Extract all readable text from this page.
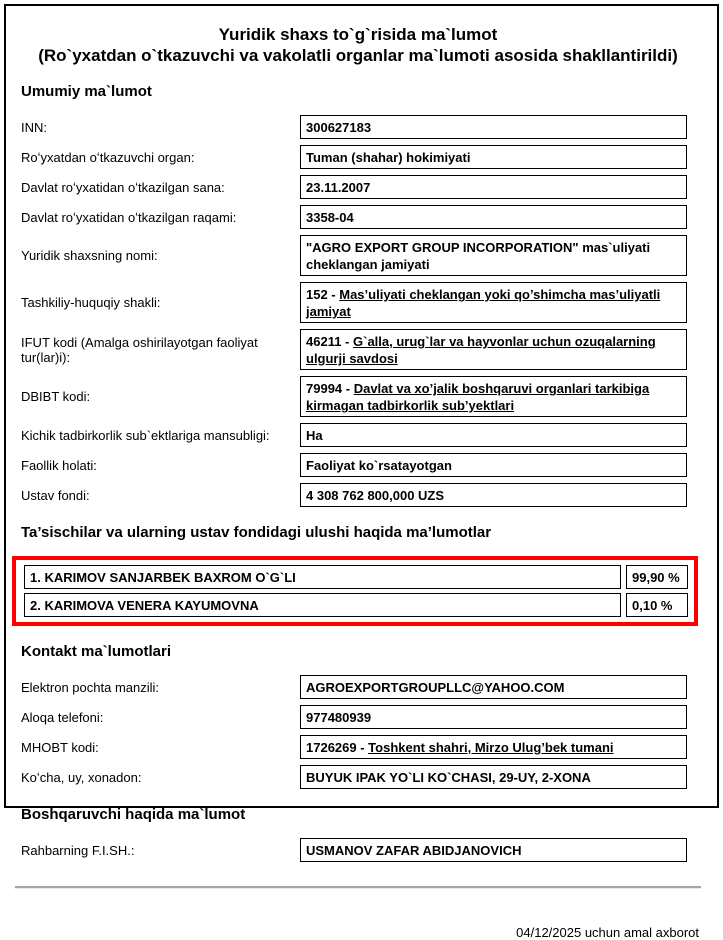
Yuridik shaxs to`g`risida ma`lumot
(Ro`yxatdan o`tkazuvchi va vakolatli organlar ma`lumoti asosida shakllantirildi)
Umumiy ma`lumot
INN:	300627183
Roʻyxatdan oʻtkazuvchi organ:	Tuman (shahar) hokimiyati
Davlat roʻyxatidan oʻtkazilgan sana:	23.11.2007
Davlat roʻyxatidan oʻtkazilgan raqami:	3358-04
Yuridik shaxsning nomi:
"AGRO EXPORT GROUP INCORPORATION" mas`uliyati cheklangan jamiyati
Tashkiliy-huquqiy shakli:
152 - Mas’uliyati cheklangan yoki qo’shimcha mas’uliyatli jamiyat
IFUT kodi (Amalga oshirilayotgan faoliyat tur(lar)i):
46211 - G`alla, urug`lar va hayvonlar uchun ozuqalarning ulgurji savdosi
DBIBT kodi:
79994 - Davlat va xo’jalik boshqaruvi organlari tarkibiga kirmagan tadbirkorlik sub’yektlari
Kichik tadbirkorlik sub`ektlariga mansubligi:	Ha
Faollik holati:	Faoliyat ko`rsatayotgan
Ustav fondi:	4 308 762 800,000 UZS
Ta’sischilar va ularning ustav fondidagi ulushi haqida ma’lumotlar
1. KARIMOV SANJARBEK BAXROM O`G`LI	99,90 %
2. KARIMOVA VENERA KAYUMOVNA	0,10 %
Kontakt ma`lumotlari
Elektron pochta manzili:	AGROEXPORTGROUPLLC@YAHOO.COM
Aloqa telefoni:	977480939
MHOBT kodi:	1726269 - Toshkent shahri, Mirzo Ulug’bek tumani
Koʻcha, uy, xonadon:	BUYUK IPAK YO`LI KO`CHASI, 29-UY, 2-XONA
Boshqaruvchi haqida ma`lumot
Rahbarning F.I.SH.:	USMANOV ZAFAR ABIDJANOVICH
04/12/2025 uchun amal axborot
